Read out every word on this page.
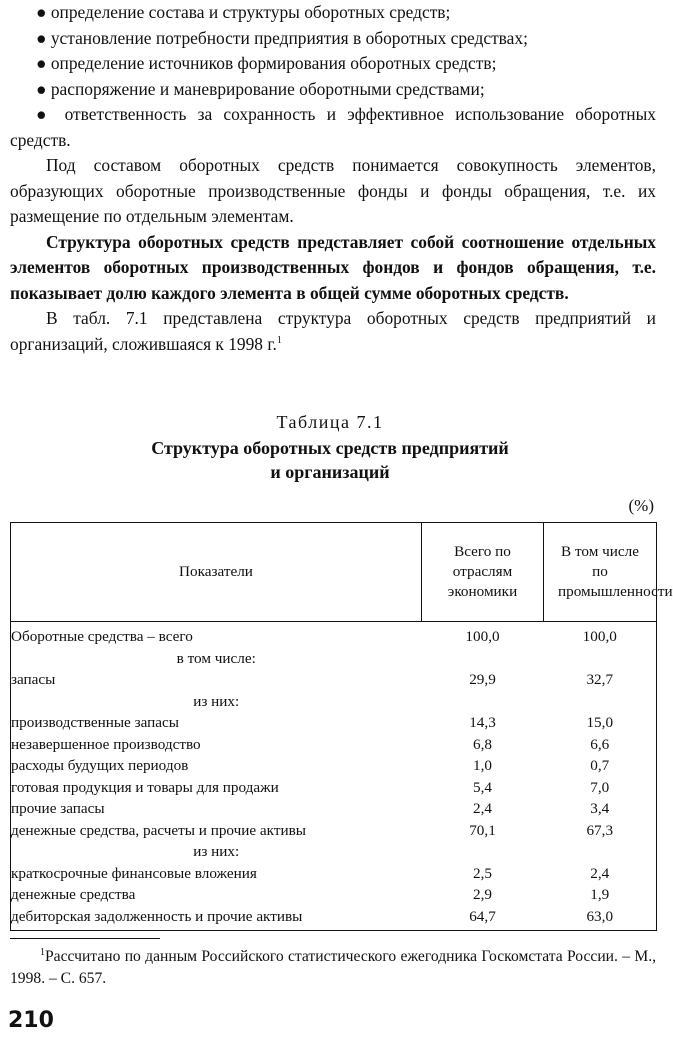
● определение состава и структуры оборотных средств;

● установление потребности предприятия в оборотных средствах;

● определение источников формирования оборотных средств;

● распоряжение и маневрирование оборотными средствами;

● ответственность за сохранность и эффективное использование оборотных средств.

Под составом оборотных средств понимается совокупность элементов, образующих оборотные производственные фонды и фонды обращения, т.е. их размещение по отдельным элементам.

Структура оборотных средств представляет собой соотношение отдельных элементов оборотных производственных фондов и фондов обращения, т.е. показывает долю каждого элемента в общей сумме оборотных средств.

В табл. 7.1 представлена структура оборотных средств предприятий и организаций, сложившаяся к 1998 г.$^1$

Таблица 7.1
Структура оборотных средств предприятий
и организаций
(%)
Показатели	Всего по отраслям экономики	В том числе по промышленности
Оборотные средства – всего	100,0	100,0
в том числе:		
запасы	29,9	32,7
из них:		
производственные запасы	14,3	15,0
незавершенное производство	6,8	6,6
расходы будущих периодов	1,0	0,7
готовая продукция и товары для продажи	5,4	7,0
прочие запасы	2,4	3,4
денежные средства, расчеты и прочие активы	70,1	67,3
из них:		
краткосрочные финансовые вложения	2,5	2,4
денежные средства	2,9	1,9
дебиторская задолженность и прочие активы	64,7	63,0

$^1$Рассчитано по данным Российского статистического ежегодника Госкомстата России. – М., 1998. – С. 657.

210
